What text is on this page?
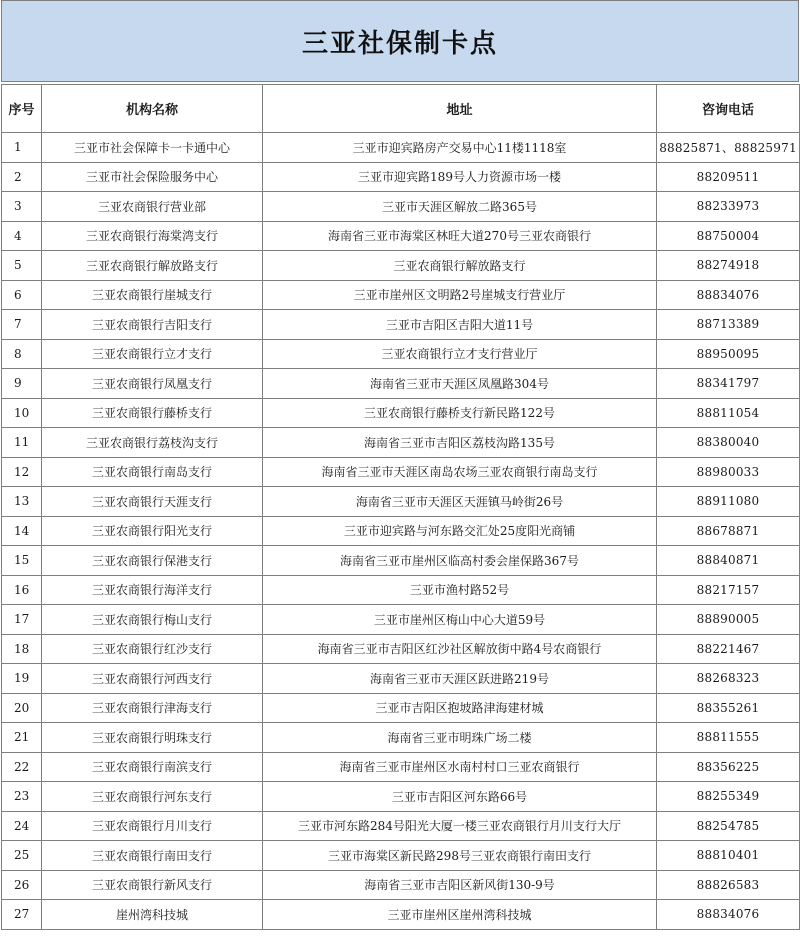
三亚社保制卡点
序号	机构名称	地址	咨询电话
1	三亚市社会保障卡一卡通中心	三亚市迎宾路房产交易中心11楼1118室	88825871、88825971
2	三亚市社会保险服务中心	三亚市迎宾路189号人力资源市场一楼	88209511
3	三亚农商银行营业部	三亚市天涯区解放二路365号	88233973
4	三亚农商银行海棠湾支行	海南省三亚市海棠区林旺大道270号三亚农商银行	88750004
5	三亚农商银行解放路支行	三亚农商银行解放路支行	88274918
6	三亚农商银行崖城支行	三亚市崖州区文明路2号崖城支行营业厅	88834076
7	三亚农商银行吉阳支行	三亚市吉阳区吉阳大道11号	88713389
8	三亚农商银行立才支行	三亚农商银行立才支行营业厅	88950095
9	三亚农商银行凤凰支行	海南省三亚市天涯区凤凰路304号	88341797
10	三亚农商银行藤桥支行	三亚农商银行藤桥支行新民路122号	88811054
11	三亚农商银行荔枝沟支行	海南省三亚市吉阳区荔枝沟路135号	88380040
12	三亚农商银行南岛支行	海南省三亚市天涯区南岛农场三亚农商银行南岛支行	88980033
13	三亚农商银行天涯支行	海南省三亚市天涯区天涯镇马岭街26号	88911080
14	三亚农商银行阳光支行	三亚市迎宾路与河东路交汇处25度阳光商铺	88678871
15	三亚农商银行保港支行	海南省三亚市崖州区临高村委会崖保路367号	88840871
16	三亚农商银行海洋支行	三亚市渔村路52号	88217157
17	三亚农商银行梅山支行	三亚市崖州区梅山中心大道59号	88890005
18	三亚农商银行红沙支行	海南省三亚市吉阳区红沙社区解放街中路4号农商银行	88221467
19	三亚农商银行河西支行	海南省三亚市天涯区跃进路219号	88268323
20	三亚农商银行津海支行	三亚市吉阳区抱坡路津海建材城	88355261
21	三亚农商银行明珠支行	海南省三亚市明珠广场二楼	88811555
22	三亚农商银行南滨支行	海南省三亚市崖州区水南村村口三亚农商银行	88356225
23	三亚农商银行河东支行	三亚市吉阳区河东路66号	88255349
24	三亚农商银行月川支行	三亚市河东路284号阳光大厦一楼三亚农商银行月川支行大厅	88254785
25	三亚农商银行南田支行	三亚市海棠区新民路298号三亚农商银行南田支行	88810401
26	三亚农商银行新风支行	海南省三亚市吉阳区新风街130-9号	88826583
27	崖州湾科技城	三亚市崖州区崖州湾科技城	88834076
